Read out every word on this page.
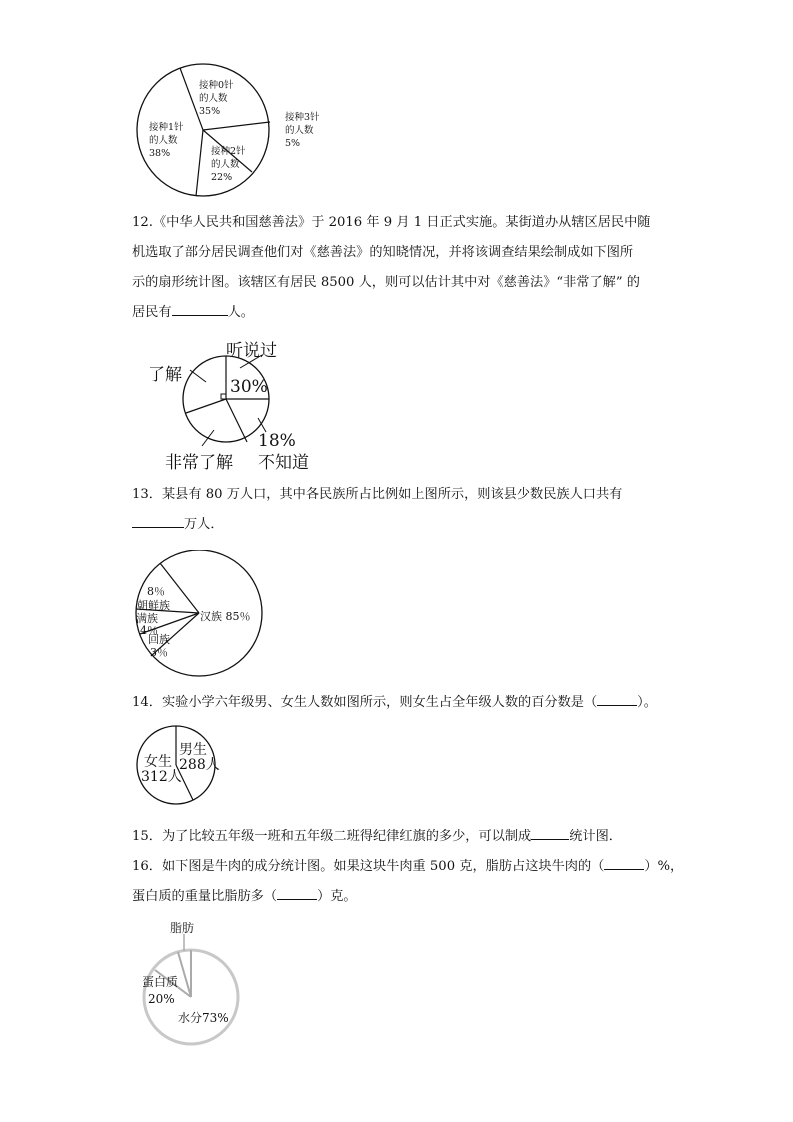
接种0针
的人数
35%
接种3针
的人数
5%
接种2针
的人数
22%
接种1针
的人数
38%
12.《中华人民共和国慈善法》于 2016 年 9 月 1 日正式实施。某街道办从辖区居民中随
机选取了部分居民调查他们对《慈善法》的知晓情况，并将该调查结果绘制成如下图所
示的扇形统计图。该辖区有居民 8500 人，则可以估计其中对《慈善法》“非常了解” 的
居民有	人。
听说过
了解
30%
18%
非常了解 不知道
13．某县有 80 万人口，其中各民族所占比例如上图所示，则该县少数民族人口共有
万人．
8％
朝鲜族
满族
4％
回族
3％
汉族 85％
14．实验小学六年级男、女生人数如图所示，则女生占全年级人数的百分数是（	）。
女生
312人
男生
288人
15．为了比较五年级一班和五年级二班得纪律红旗的多少，可以制成	统计图．
16．如下图是牛肉的成分统计图。如果这块牛肉重 500 克，脂肪占这块牛肉的（	）%，
蛋白质的重量比脂肪多（	）克。
脂肪
蛋白质
20%
水分73%
